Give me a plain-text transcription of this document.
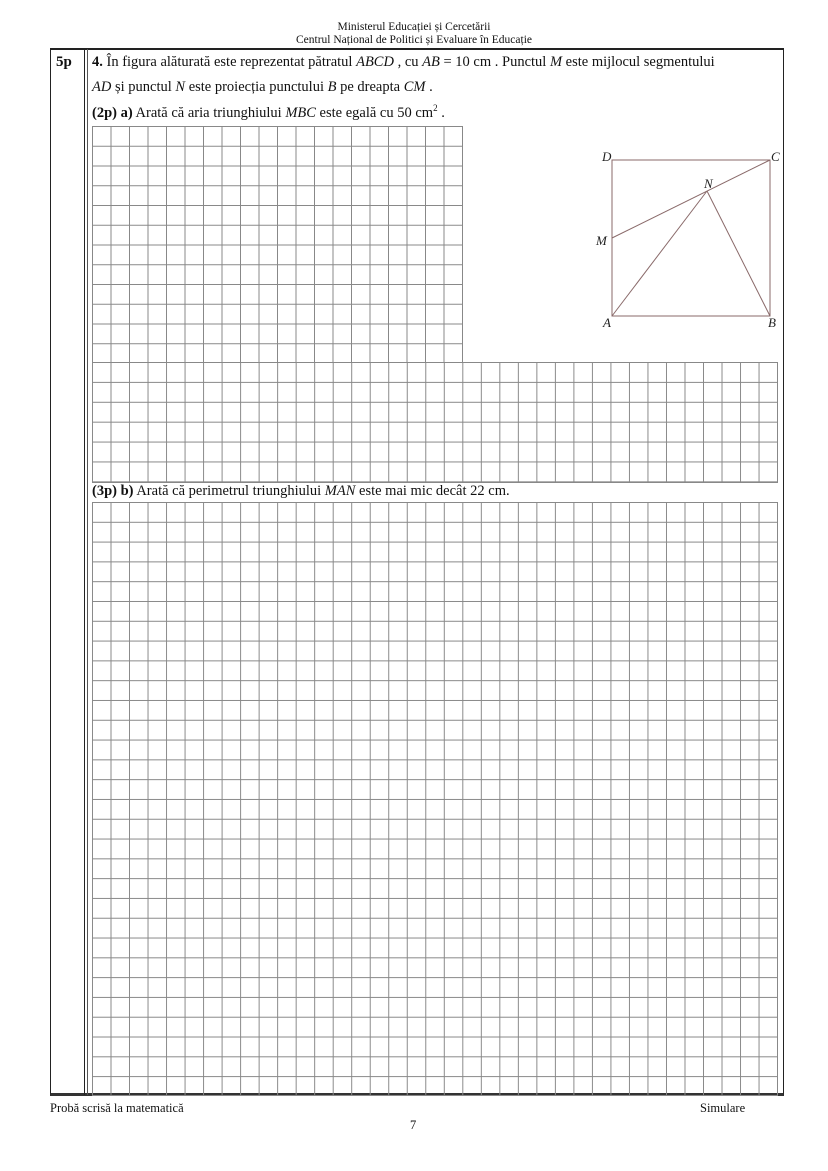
Ministerul Educației și Cercetării
Centrul Național de Politici și Evaluare în Educație
5p 4. În figura alăturată este reprezentat pătratul ABCD , cu AB = 10 cm . Punctul M este mijlocul segmentului
AD și punctul N este proiecția punctului B pe dreapta CM .
(2p) a) Arată că aria triunghiului MBC este egală cu 50 $cm^2$ .
D	C
N
M
A	B
(3p) b) Arată că perimetrul triunghiului MAN este mai mic decât 22 cm.
Probă scrisă la matematică	Simulare
7
